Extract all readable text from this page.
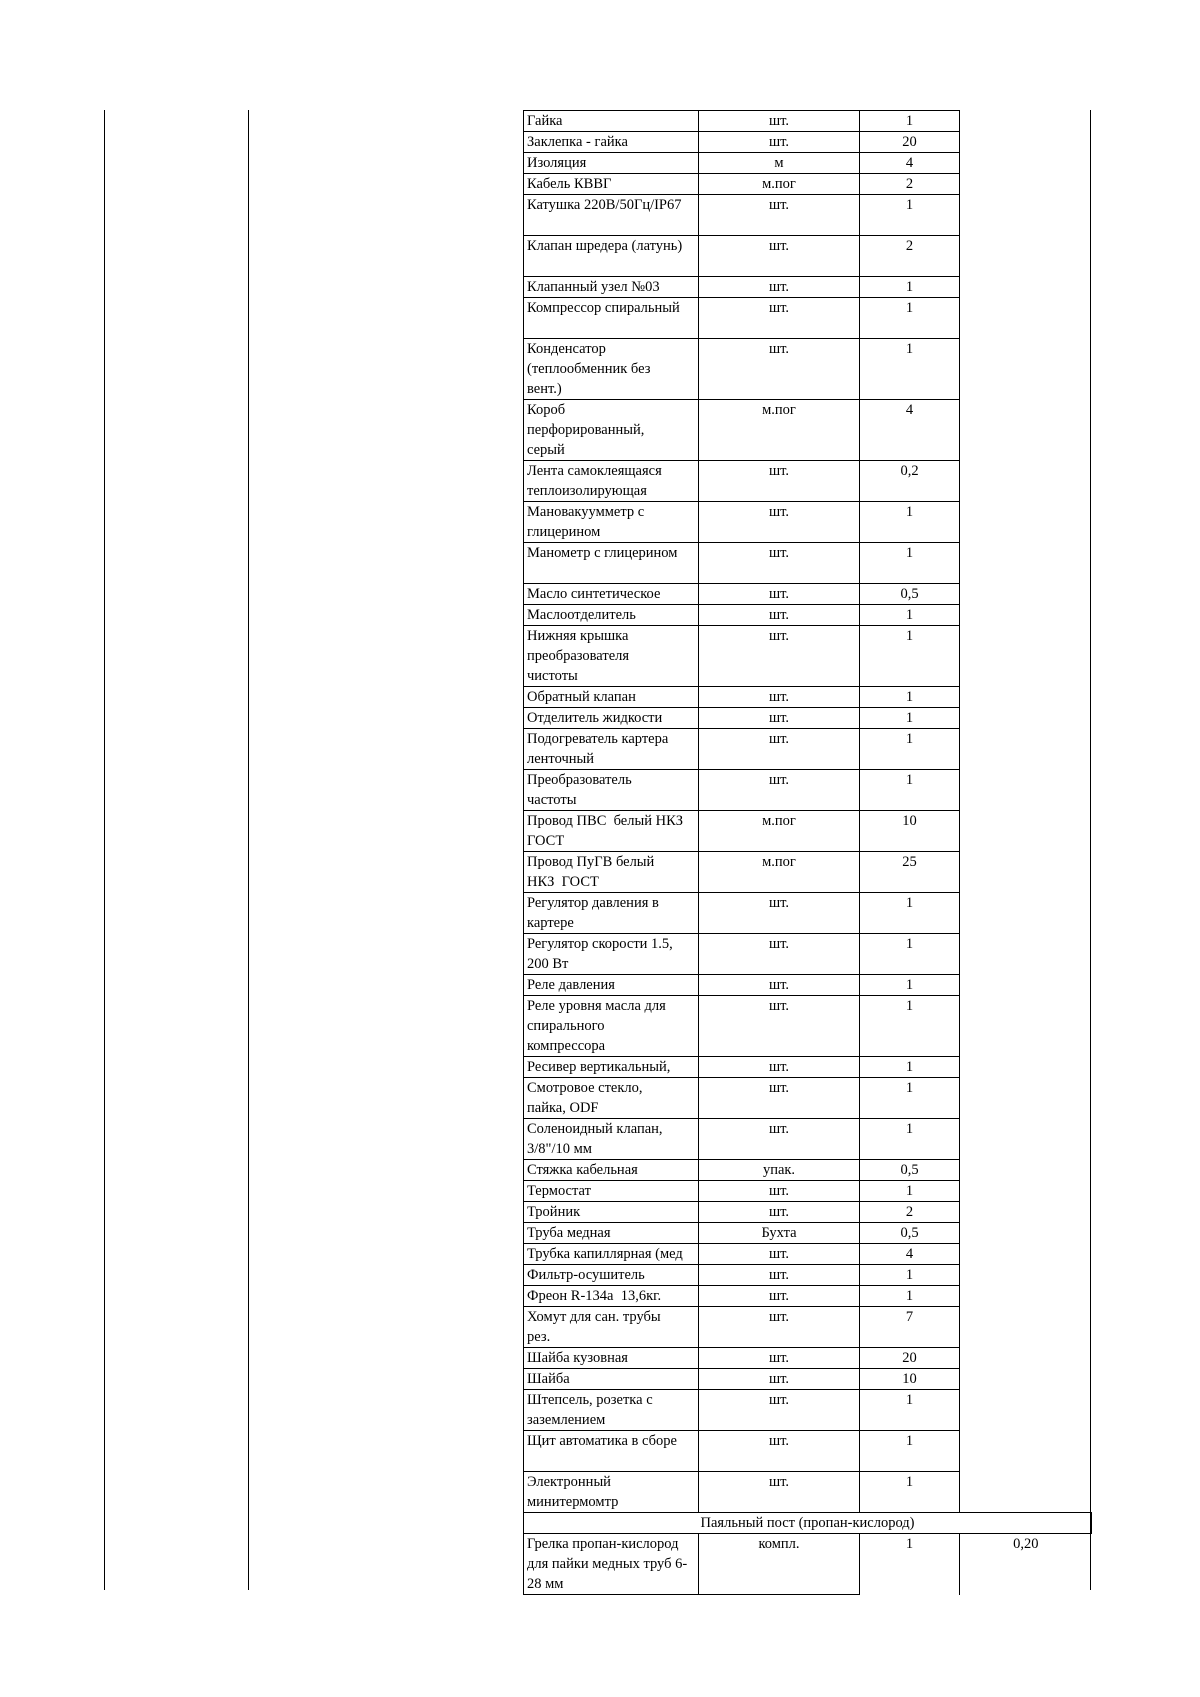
Гайка	шт.	1	
Заклепка - гайка	шт.	20	
Изоляция	м	4	
Кабель КВВГ	м.пог	2	
Катушка 220В/50Гц/IP67	шт.	1	
Клапан шредера (латунь)	шт.	2	
Клапанный узел №03	шт.	1	
Компрессор спиральный	шт.	1	
Конденсатор
(теплообменник без
вент.)	шт.	1	
Короб
перфорированный,
серый	м.пог	4	
Лента самоклеящаяся
теплоизолирующая	шт.	0,2	
Мановакуумметр с
глицерином	шт.	1	
Манометр с глицерином	шт.	1	
Масло синтетическое	шт.	0,5	
Маслоотделитель	шт.	1	
Нижняя крышка
преобразователя
чистоты	шт.	1	
Обратный клапан	шт.	1	
Отделитель жидкости	шт.	1	
Подогреватель картера
ленточный	шт.	1	
Преобразователь
частоты	шт.	1	
Провод ПВС  белый НКЗ
ГОСТ	м.пог	10	
Провод ПуГВ белый
НКЗ  ГОСТ	м.пог	25	
Регулятор давления в
картере	шт.	1	
Регулятор скорости 1.5,
200 Вт	шт.	1	
Реле давления	шт.	1	
Реле уровня масла для
спирального
компрессора	шт.	1	
Ресивер вертикальный,	шт.	1	
Смотровое стекло,
пайка, ODF	шт.	1	
Соленоидный клапан,
3/8"/10 мм	шт.	1	
Стяжка кабельная	упак.	0,5	
Термостат	шт.	1	
Тройник	шт.	2	
Труба медная	Бухта	0,5	
Трубка капиллярная (мед	шт.	4	
Фильтр-осушитель	шт.	1	
Фреон R-134a  13,6кг.	шт.	1	
Хомут для сан. трубы
рез.	шт.	7	
Шайба кузовная	шт.	20	
Шайба	шт.	10	
Штепсель, розетка с
заземлением	шт.	1	
Щит автоматика в сборе	шт.	1	
Электронный
минитермомтр	шт.	1	
Паяльный пост (пропан-кислород)			
Грелка пропан-кислород
для пайки медных труб 6-
28 мм	компл.	1	0,20
